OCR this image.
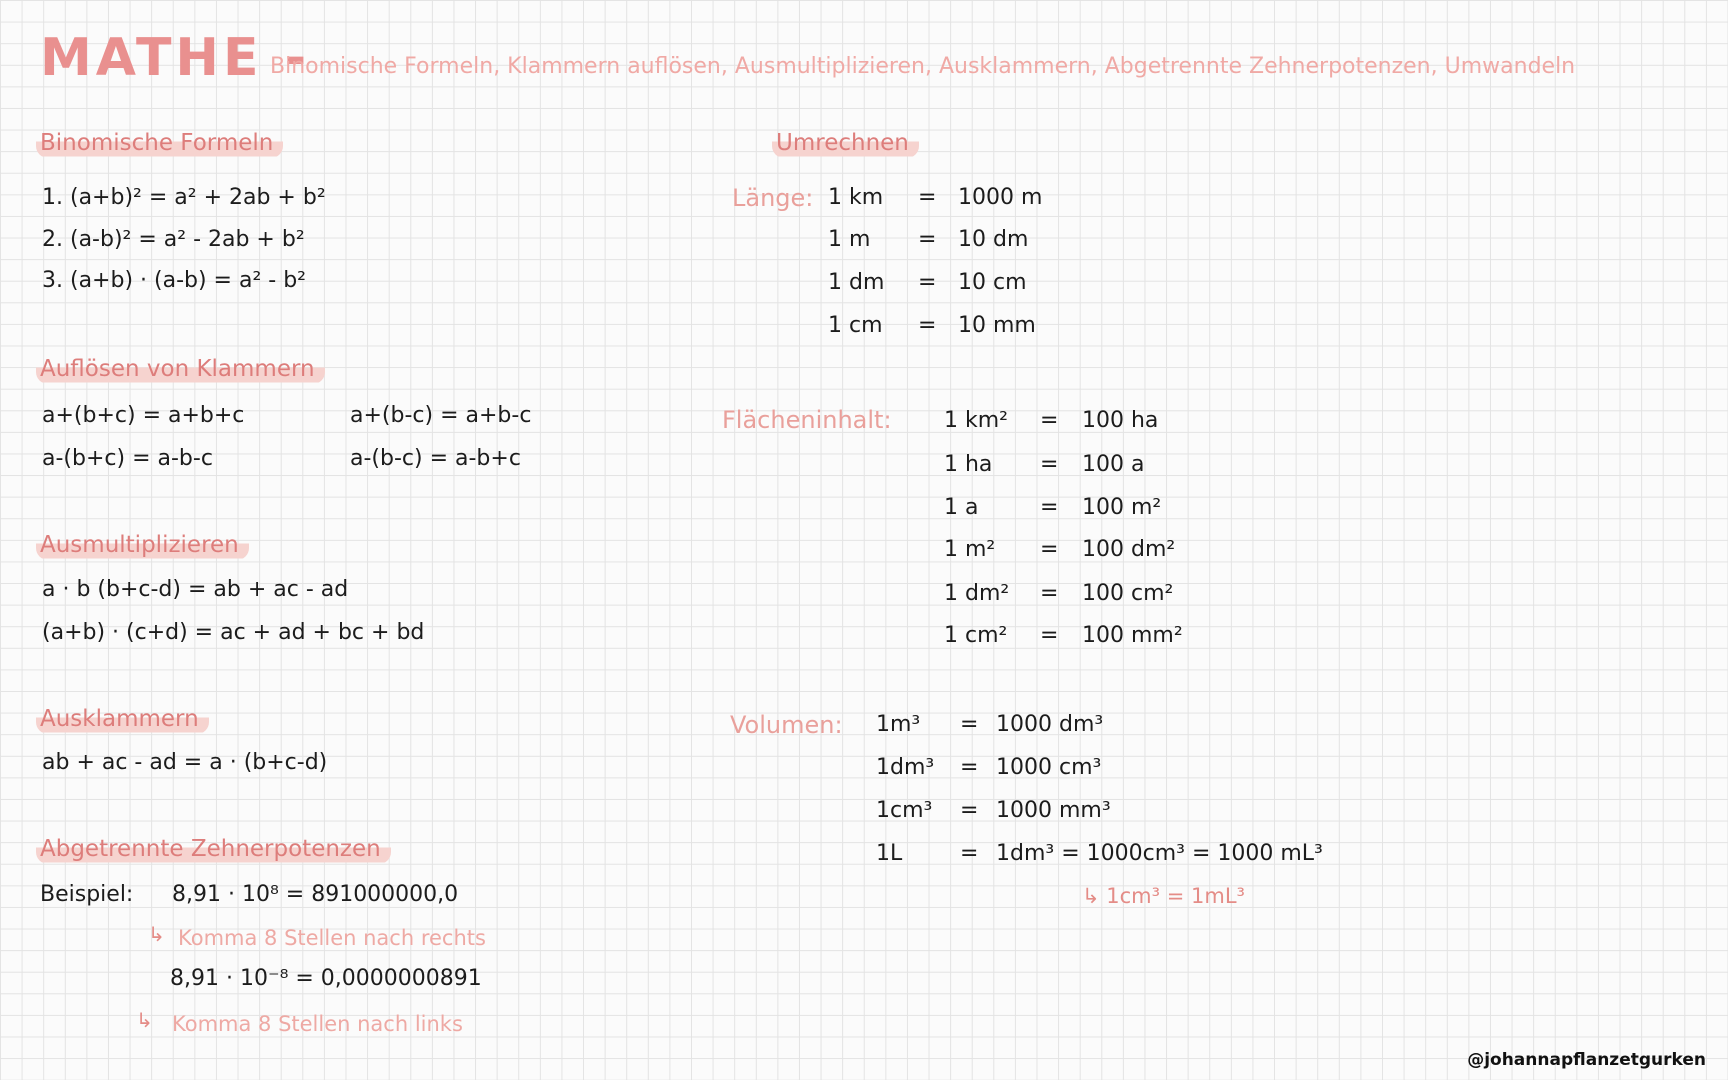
MATHE -
Binomische Formeln, Klammern auflösen, Ausmultiplizieren, Ausklammern, Abgetrennte Zehnerpotenzen, Umwandeln
Binomische Formeln
1. (a+b)² = a² + 2ab + b²
2. (a-b)² = a² - 2ab + b²
3. (a+b) · (a-b) = a² - b²
Auflösen von Klammern
a+(b+c) = a+b+c
a-(b+c) = a-b-c
a+(b-c) = a+b-c
a-(b-c) = a-b+c
Ausmultiplizieren
a · b (b+c-d) = ab + ac - ad
(a+b) · (c+d) = ac + ad + bc + bd
Ausklammern
ab + ac - ad = a · (b+c-d)
Abgetrennte Zehnerpotenzen
Beispiel: 8,91 · 10⁸ = 891000000,0
↳ Komma 8 Stellen nach rechts
8,91 · 10⁻⁸ = 0,0000000891
↳ Komma 8 Stellen nach links
Umrechnen
Länge: 1 km = 1000 m
1 m = 10 dm
1 dm = 10 cm
1 cm = 10 mm
Flächeninhalt: 1 km² = 100 ha
1 ha = 100 a
1 a	= 100 m²
1 m² = 100 dm²
1 dm² = 100 cm²
1 cm² = 100 mm²
Volumen: 1m³ = 1000 dm³
1dm³ = 1000 cm³
1cm³ = 1000 mm³
1L	= 1dm³ = 1000cm³ = 1000 mL³
↳ 1cm³ = 1mL³
@johannapflanzetgurken
